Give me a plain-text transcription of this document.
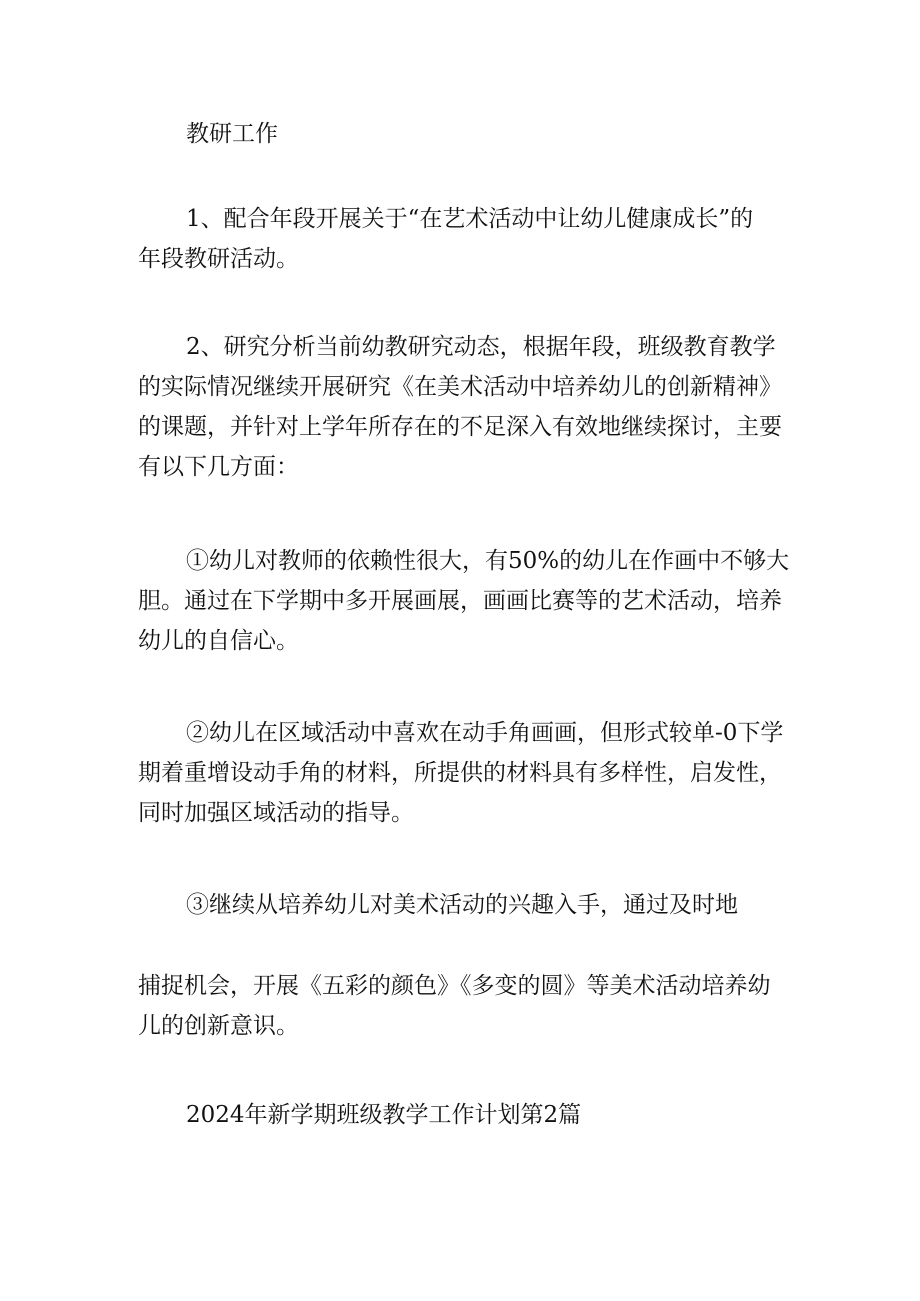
教研工作
1、配合年段开展关于“在艺术活动中让幼儿健康成长”的
年段教研活动。
2、研究分析当前幼教研究动态，根据年段，班级教育教学
的实际情况继续开展研究《在美术活动中培养幼儿的创新精神》
的课题，并针对上学年所存在的不足深入有效地继续探讨，主要
有以下几方面：
①幼儿对教师的依赖性很大，有50%的幼儿在作画中不够大
胆。通过在下学期中多开展画展，画画比赛等的艺术活动，培养
幼儿的自信心。
②幼儿在区域活动中喜欢在动手角画画，但形式较单-0下学
期着重增设动手角的材料，所提供的材料具有多样性，启发性，
同时加强区域活动的指导。
③继续从培养幼儿对美术活动的兴趣入手，通过及时地
捕捉机会，开展《五彩的颜色》《多变的圆》等美术活动培养幼
儿的创新意识。
2024年新学期班级教学工作计划第2篇
